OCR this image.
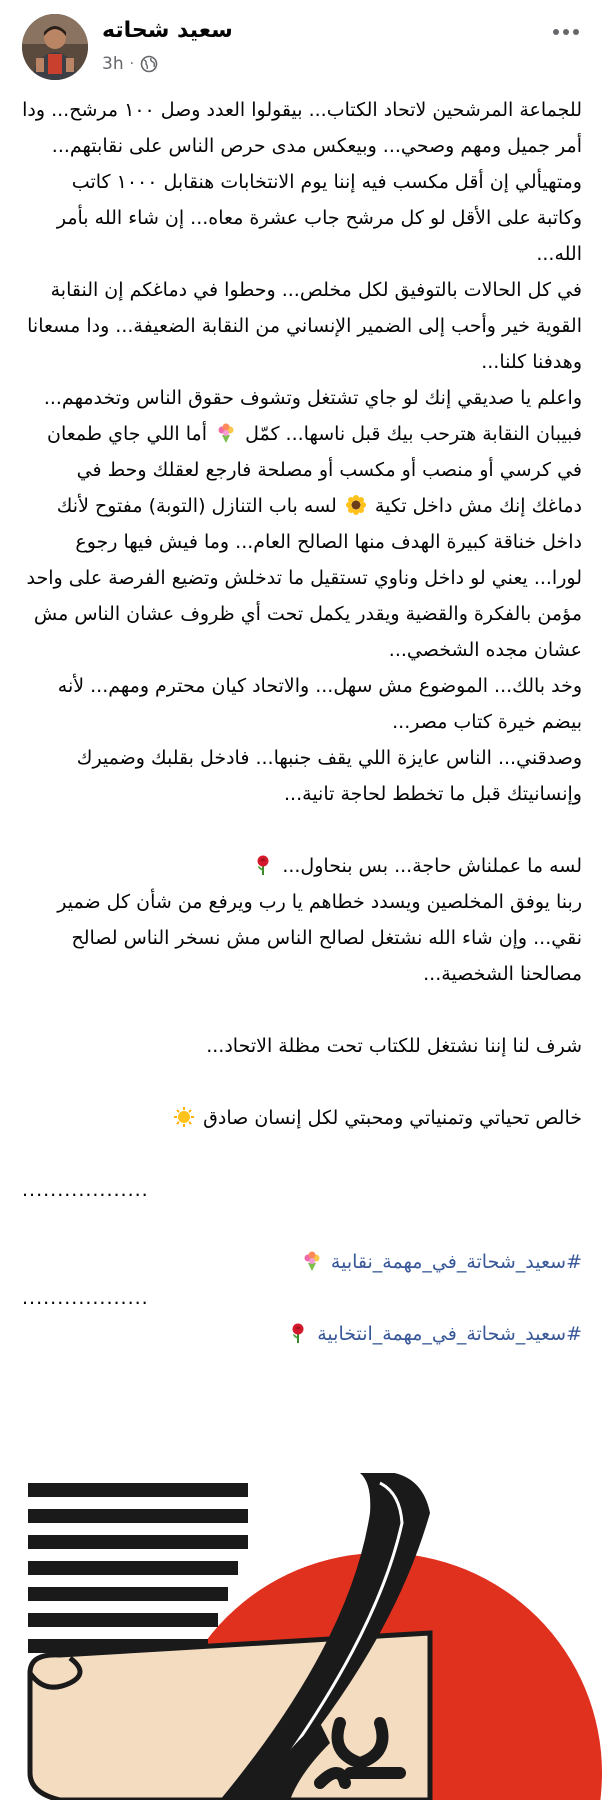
سعيد شحاته
3h ·

للجماعة المرشحين لاتحاد الكتاب... بيقولوا العدد وصل ١٠٠ مرشح... ودا أمر جميل ومهم وصحي... وبيعكس مدى حرص الناس على نقابتهم... ومتهيألي إن أقل مكسب فيه إننا يوم الانتخابات هنقابل ١٠٠٠ كاتب وكاتبة على الأقل لو كل مرشح جاب عشرة معاه... إن شاء الله بأمر الله...

في كل الحالات بالتوفيق لكل مخلص... وحطوا في دماغكم إن النقابة القوية خير وأحب إلى الضمير الإنساني من النقابة الضعيفة... ودا مسعانا وهدفنا كلنا...

واعلم يا صديقي إنك لو جاي تشتغل وتشوف حقوق الناس وتخدمهم... فبيبان النقابة هترحب بيك قبل ناسها... كمّل  أما اللي جاي طمعان في كرسي أو منصب أو مكسب أو مصلحة فارجع لعقلك وحط في دماغك إنك مش داخل تكية  لسه باب التنازل (التوبة) مفتوح لأنك داخل خناقة كبيرة الهدف منها الصالح العام... وما فيش فيها رجوع لورا... يعني لو داخل وناوي تستقيل ما تدخلش وتضيع الفرصة على واحد مؤمن بالفكرة والقضية ويقدر يكمل تحت أي ظروف عشان الناس مش عشان مجده الشخصي...

وخد بالك... الموضوع مش سهل... والاتحاد كيان محترم ومهم... لأنه بيضم خيرة كتاب مصر...

وصدقني... الناس عايزة اللي يقف جنبها... فادخل بقلبك وضميرك وإنسانيتك قبل ما تخطط لحاجة تانية...

لسه ما عملناش حاجة... بس بنحاول...

ربنا يوفق المخلصين ويسدد خطاهم يا رب ويرفع من شأن كل ضمير نقي... وإن شاء الله نشتغل لصالح الناس مش نسخر الناس لصالح مصالحنا الشخصية...

شرف لنا إننا نشتغل للكتاب تحت مظلة الاتحاد...

خالص تحياتي وتمنياتي ومحبتي لكل إنسان صادق

..................

#سعيد_شحاتة_في_مهمة_نقابية

..................

#سعيد_شحاتة_في_مهمة_انتخابية
